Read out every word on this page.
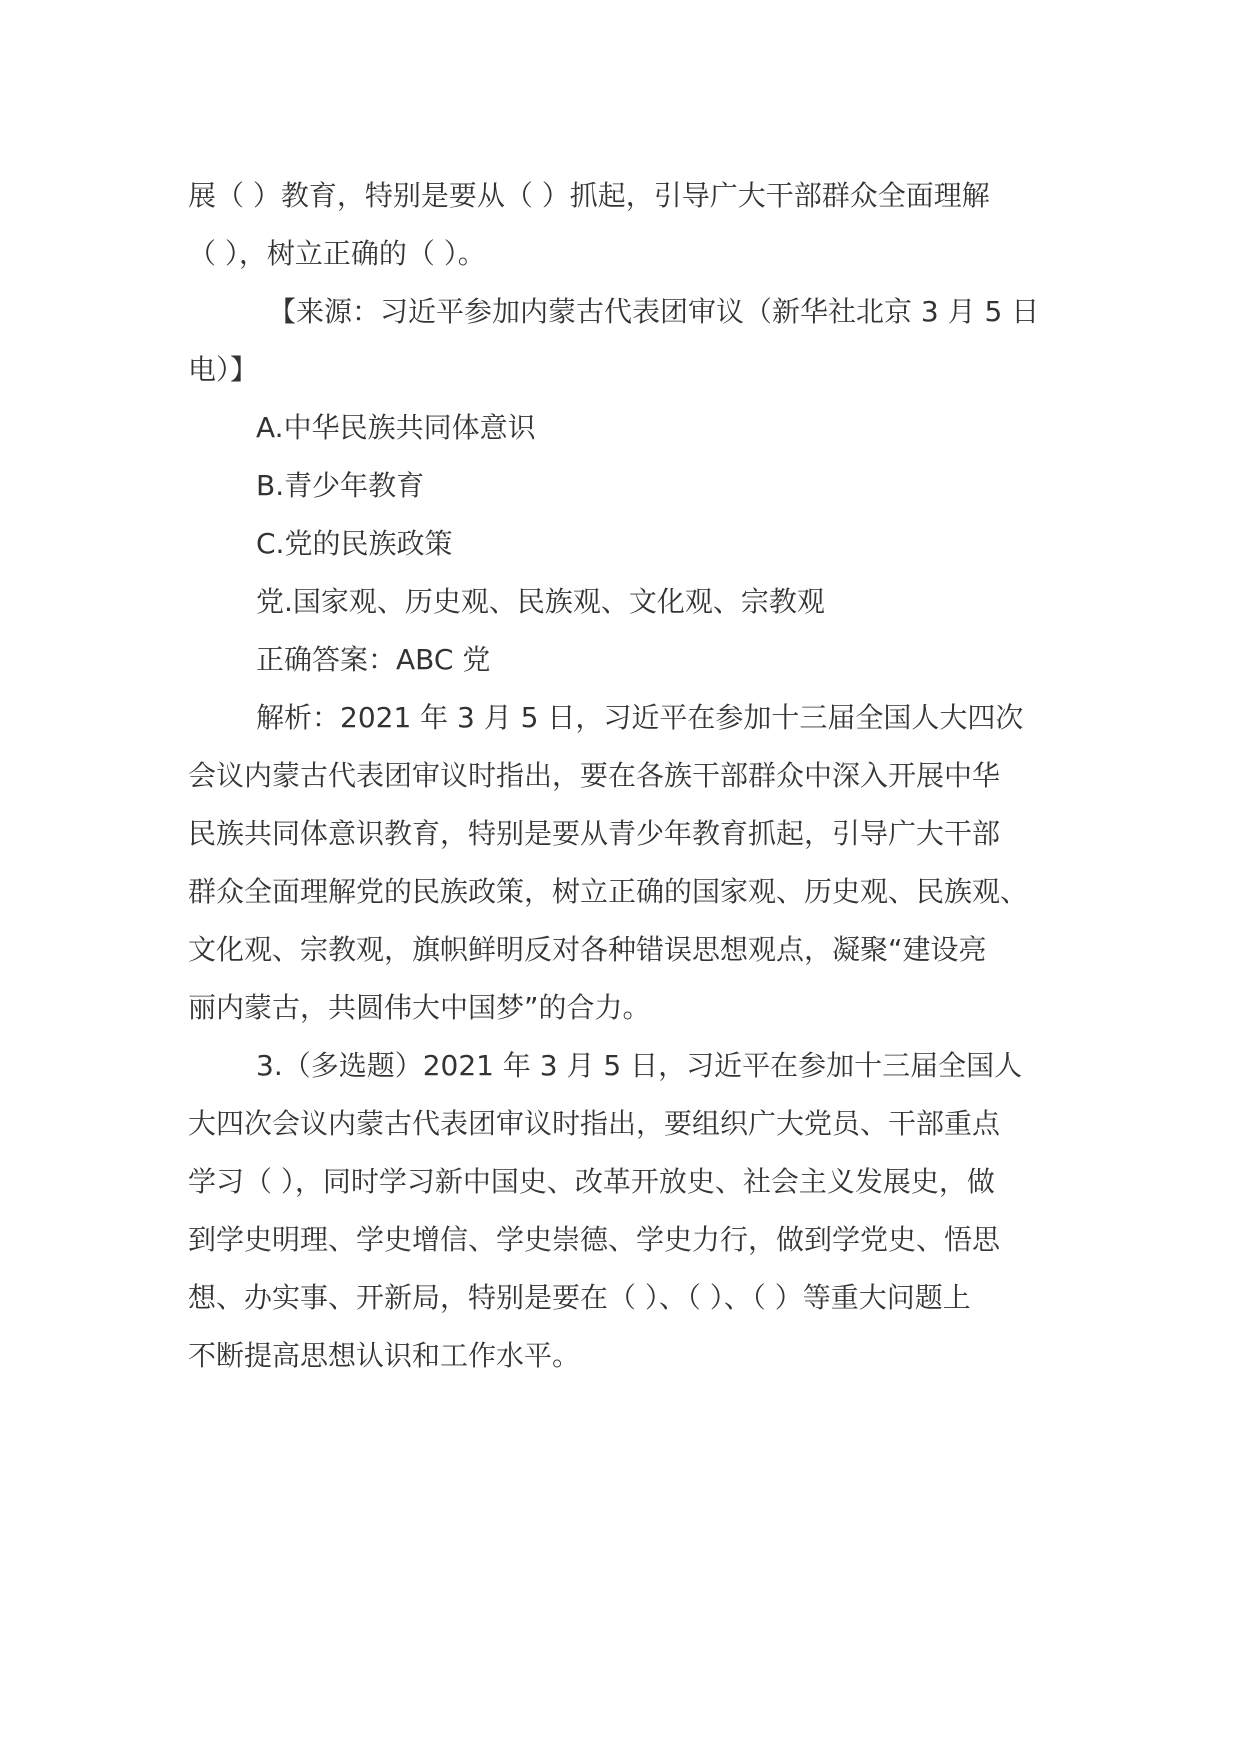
展（ ）教育，特别是要从（ ）抓起，引导广大干部群众全面理解
（ ），树立正确的（ ）。
【来源：习近平参加内蒙古代表团审议（新华社北京 3 月 5 日
电）】
A.中华民族共同体意识
B.青少年教育
C.党的民族政策
党.国家观、历史观、民族观、文化观、宗教观
正确答案：ABC 党
解析：2021 年 3 月 5 日，习近平在参加十三届全国人大四次
会议内蒙古代表团审议时指出，要在各族干部群众中深入开展中华
民族共同体意识教育，特别是要从青少年教育抓起，引导广大干部
群众全面理解党的民族政策，树立正确的国家观、历史观、民族观、
文化观、宗教观，旗帜鲜明反对各种错误思想观点，凝聚“建设亮
丽内蒙古，共圆伟大中国梦”的合力。
3.（多选题）2021 年 3 月 5 日，习近平在参加十三届全国人
大四次会议内蒙古代表团审议时指出，要组织广大党员、干部重点
学习（ ），同时学习新中国史、改革开放史、社会主义发展史，做
到学史明理、学史增信、学史崇德、学史力行，做到学党史、悟思
想、办实事、开新局，特别是要在（ ）、（ ）、（ ）等重大问题上
不断提高思想认识和工作水平。
